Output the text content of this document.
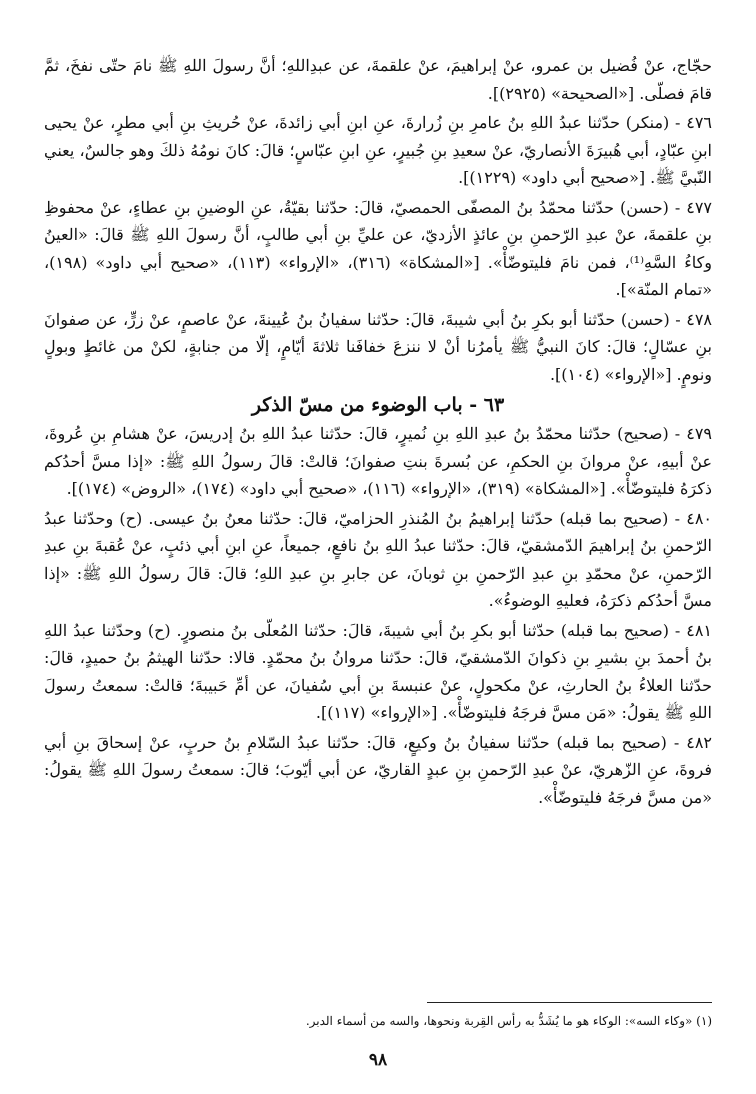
حجّاج، عنْ فُضيل بن عمرو، عنْ إبراهيمَ، عنْ علقمةَ، عن عبدِاللهِ؛ أنَّ رسولَ اللهِ ﷺ نامَ حتّى نفخَ، ثمَّ قامَ فصلّى. [«الصحيحة» (٢٩٢٥)].

٤٧٦ - (منكر) حدّثنا عبدُ اللهِ بنُ عامرِ بنِ زُرارةَ، عنِ ابنِ أبي زائدةَ، عنْ حُريثِ بنِ أبي مطرٍ، عنْ يحيى ابنِ عبّادٍ، أبي هُبيرَةَ الأنصاريّ، عنْ سعيدِ بنِ جُبيرٍ، عنِ ابنِ عبّاسٍ؛ قالَ: كانَ نومُهُ ذلكَ وهو جالسٌ، يعني النّبيَّ ﷺ. [«صحيح أبي داود» (١٢٢٩)].

٤٧٧ - (حسن) حدّثنا محمّدُ بنُ المصفّى الحمصيّ، قالَ: حدّثنا بقيّةُ، عنِ الوضينِ بنِ عطاءٍ، عنْ محفوظِ بنِ علقمةَ، عنْ عبدِ الرّحمنِ بنِ عائذٍ الأزديّ، عن عليِّ بنِ أبي طالبٍ، أنَّ رسولَ اللهِ ﷺ قالَ: «العينُ وكاءُ السَّهِ⁽¹⁾، فمن نامَ فليتوضّأْ». [«المشكاة» (٣١٦)، «الإرواء» (١١٣)، «صحيح أبي داود» (١٩٨)، «تمام المنّة»].

٤٧٨ - (حسن) حدّثنا أبو بكرِ بنُ أبي شيبةَ، قالَ: حدّثنا سفيانُ بنُ عُيينةَ، عنْ عاصمٍ، عنْ زرٍّ، عن صفوانَ بنِ عسّالٍ؛ قالَ: كانَ النبيُّ ﷺ يأمرُنا أنْ لا ننزعَ خفافَنا ثلاثةَ أيّامٍ، إلّا من جنابةٍ، لكنْ من غائطٍ وبولٍ ونومٍ. [«الإرواء» (١٠٤)].

٦٣ - باب الوضوء من مسّ الذكر

٤٧٩ - (صحيح) حدّثنا محمّدُ بنُ عبدِ اللهِ بنِ نُميرٍ، قالَ: حدّثنا عبدُ اللهِ بنُ إدريسَ، عنْ هشامِ بنِ عُروةَ، عنْ أبيهِ، عنْ مروانَ بنِ الحكمِ، عن بُسرةَ بنتِ صفوانَ؛ قالتْ: قالَ رسولُ اللهِ ﷺ: «إذا مسَّ أحدُكم ذكرَهُ فليتوضّأْ». [«المشكاة» (٣١٩)، «الإرواء» (١١٦)، «صحيح أبي داود» (١٧٤)، «الروض» (١٧٤)].

٤٨٠ - (صحيح بما قبله) حدّثنا إبراهيمُ بنُ المُنذرِ الحزاميّ، قالَ: حدّثنا معنُ بنُ عيسى. (ح) وحدّثنا عبدُ الرّحمنِ بنُ إبراهيمَ الدّمشقيّ، قالَ: حدّثنا عبدُ اللهِ بنُ نافعٍ، جميعاً، عنِ ابنِ أبي ذئبٍ، عنْ عُقبةَ بنِ عبدِ الرّحمنِ، عنْ محمّدِ بنِ عبدِ الرّحمنِ بنِ ثوبانَ، عن جابرِ بنِ عبدِ اللهِ؛ قالَ: قالَ رسولُ اللهِ ﷺ: «إذا مسَّ أحدُكم ذكرَهُ، فعليهِ الوضوءُ».

٤٨١ - (صحيح بما قبله) حدّثنا أبو بكرِ بنُ أبي شيبةَ، قالَ: حدّثنا المُعلّى بنُ منصورٍ. (ح) وحدّثنا عبدُ اللهِ بنُ أحمدَ بنِ بشيرِ بنِ ذكوانَ الدّمشقيّ، قالَ: حدّثنا مروانُ بنُ محمّدٍ. قالا: حدّثنا الهيثمُ بنُ حميدٍ، قالَ: حدّثنا العلاءُ بنُ الحارثِ، عنْ مكحولٍ، عنْ عنبسةَ بنِ أبي سُفيانَ، عن أمِّ حَبيبةَ؛ قالتْ: سمعتُ رسولَ اللهِ ﷺ يقولُ: «مَن مسَّ فرجَهُ فليتوضّأْ». [«الإرواء» (١١٧)].

٤٨٢ - (صحيح بما قبله) حدّثنا سفيانُ بنُ وكيعٍ، قالَ: حدّثنا عبدُ السّلامِ بنُ حربٍ، عنْ إسحاقَ بنِ أبي فروةَ، عنِ الزّهريّ، عنْ عبدِ الرّحمنِ بنِ عبدٍ القاريّ، عن أبي أيّوبَ؛ قالَ: سمعتُ رسولَ اللهِ ﷺ يقولُ: «من مسَّ فرجَهُ فليتوضّأْ».

(١) «وكاء السه»: الوكاء هو ما يُشَدُّ به رأس القِربة ونحوها، والسه من أسماء الدبر.
٩٨
